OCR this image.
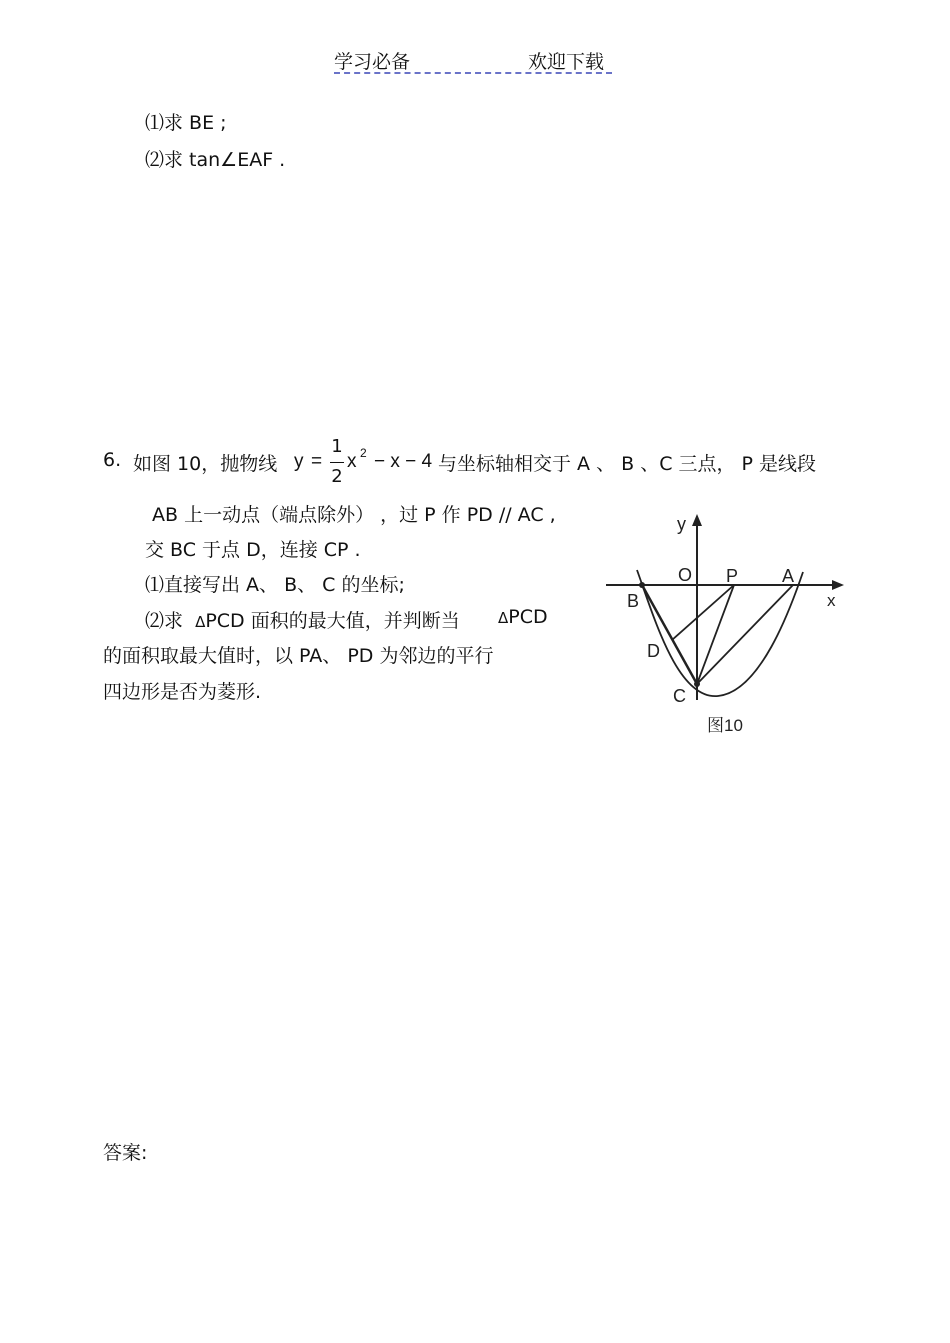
学习必备	欢迎下载
⑴求 BE ;
⑵求 tan∠EAF .
6. 如图 10，抛物线 y =
1
2
x 2 − x − 4 与坐标轴相交于 A 、 B 、C 三点， P 是线段
AB 上一动点（端点除外） ，过 P 作 PD // AC ,
交 BC 于点 D，连接 CP .
⑴直接写出 A、 B、 C 的坐标;
⑵求 ΔPCD 面积的最大值，并判断当	ΔPCD
的面积取最大值时，以 PA、 PD 为邻边的平行
四边形是否为菱形.
y
x
O P A
B
D
C
图10
答案:
